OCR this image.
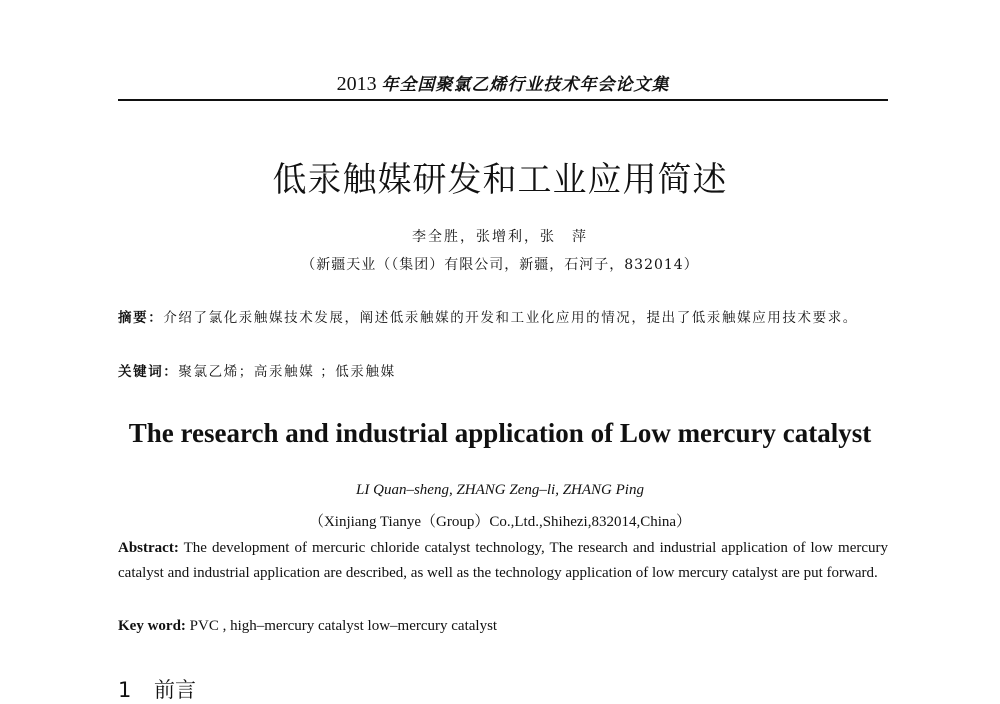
2013 年全国聚氯乙烯行业技术年会论文集
低汞触媒研发和工业应用简述
李全胜，张增利，张　萍
（新疆天业（（集团）有限公司，新疆，石河子，832014）
摘要：介绍了氯化汞触媒技术发展，阐述低汞触媒的开发和工业化应用的情况，提出了低汞触媒应用技术要求。
关键词：聚氯乙烯；高汞触媒 ；低汞触媒
The research and industrial application of Low mercury catalyst
LI Quan–sheng, ZHANG Zeng–li, ZHANG Ping
（Xinjiang Tianye（Group）Co.,Ltd.,Shihezi,832014,China）
Abstract: The development of mercuric chloride catalyst technology, The research and industrial application of low mercury catalyst and industrial application are described, as well as the technology application of low mercury catalyst are put forward.
Key word: PVC , high–mercury catalyst low–mercury catalyst
1 前言
